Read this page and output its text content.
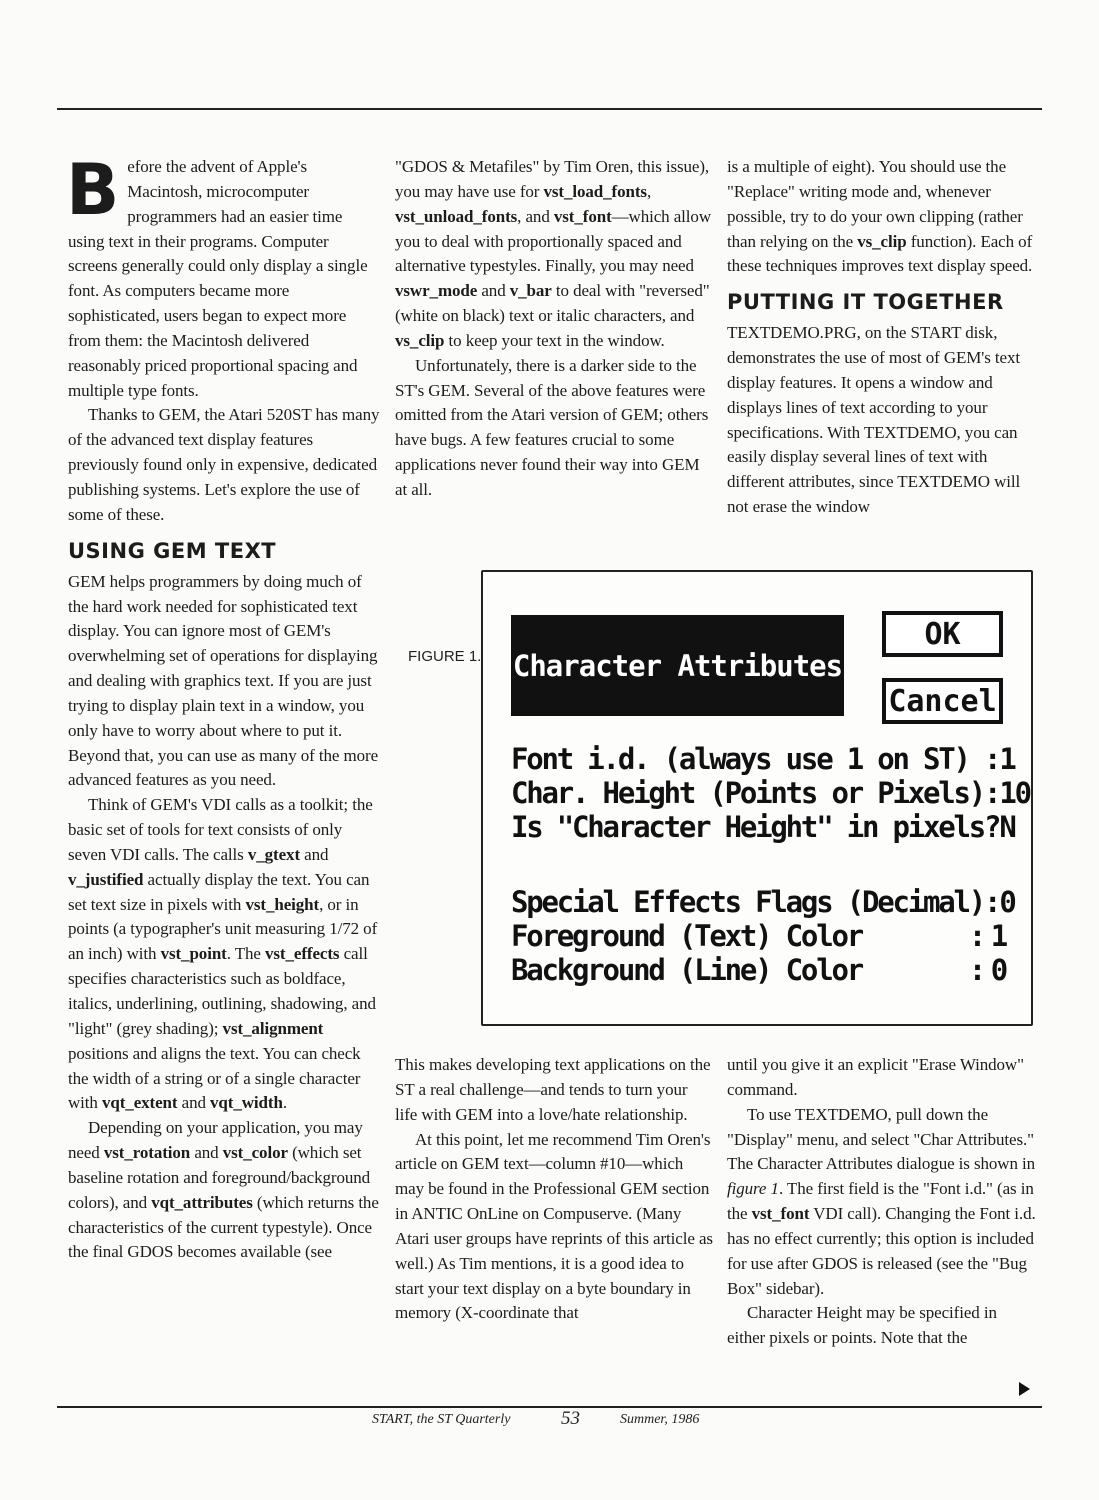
B efore the advent of Apple's Macintosh, microcomputer programmers had an easier time using text in their programs. Computer screens generally could only display a single font. As computers became more sophisticated, users began to expect more from them: the Macintosh delivered reasonably priced proportional spacing and multiple type fonts.

Thanks to GEM, the Atari 520ST has many of the advanced text display features previously found only in expensive, dedicated publishing systems. Let's explore the use of some of these.

USING GEM TEXT

GEM helps programmers by doing much of the hard work needed for sophisticated text display. You can ignore most of GEM's overwhelming set of operations for displaying and dealing with graphics text. If you are just trying to display plain text in a window, you only have to worry about where to put it. Beyond that, you can use as many of the more advanced features as you need.

Think of GEM's VDI calls as a toolkit; the basic set of tools for text consists of only seven VDI calls. The calls v_gtext and v_justified actually display the text. You can set text size in pixels with vst_height, or in points (a typographer's unit measuring 1/72 of an inch) with vst_point. The vst_effects call specifies characteristics such as boldface, italics, underlining, outlining, shadowing, and "light" (grey shading); vst_alignment positions and aligns the text. You can check the width of a string or of a single character with vqt_extent and vqt_width.

Depending on your application, you may need vst_rotation and vst_color (which set baseline rotation and foreground/background colors), and vqt_attributes (which returns the characteristics of the current typestyle). Once the final GDOS becomes available (see

"GDOS & Metafiles" by Tim Oren, this issue), you may have use for vst_load_fonts, vst_unload_fonts, and vst_font—which allow you to deal with proportionally spaced and alternative typestyles. Finally, you may need vswr_mode and v_bar to deal with "reversed" (white on black) text or italic characters, and vs_clip to keep your text in the window.

Unfortunately, there is a darker side to the ST's GEM. Several of the above features were omitted from the Atari version of GEM; others have bugs. A few features crucial to some applications never found their way into GEM at all.

is a multiple of eight). You should use the "Replace" writing mode and, whenever possible, try to do your own clipping (rather than relying on the vs_clip function). Each of these techniques improves text display speed.

PUTTING IT TOGETHER

TEXTDEMO.PRG, on the START disk, demonstrates the use of most of GEM's text display features. It opens a window and displays lines of text according to your specifications. With TEXTDEMO, you can easily display several lines of text with different attributes, since TEXTDEMO will not erase the window

FIGURE 1. Character Attributes
OK
Cancel
Font i.d. (always use 1 on ST) : 1
Char. Height (Points or Pixels): 10
Is "Character Height" in pixels? N
Special Effects Flags (Decimal): 0
Foreground (Text) Color       : 1
Background (Line) Color       : 0

This makes developing text applications on the ST a real challenge—and tends to turn your life with GEM into a love/hate relationship.

At this point, let me recommend Tim Oren's article on GEM text—column #10—which may be found in the Professional GEM section in ANTIC OnLine on Compuserve. (Many Atari user groups have reprints of this article as well.) As Tim mentions, it is a good idea to start your text display on a byte boundary in memory (X-coordinate that

until you give it an explicit "Erase Window" command.

To use TEXTDEMO, pull down the "Display" menu, and select "Char Attributes." The Character Attributes dialogue is shown in figure 1. The first field is the "Font i.d." (as in the vst_font VDI call). Changing the Font i.d. has no effect currently; this option is included for use after GDOS is released (see the "Bug Box" sidebar).

Character Height may be specified in either pixels or points. Note that the

START, the ST Quarterly	53	Summer, 1986
